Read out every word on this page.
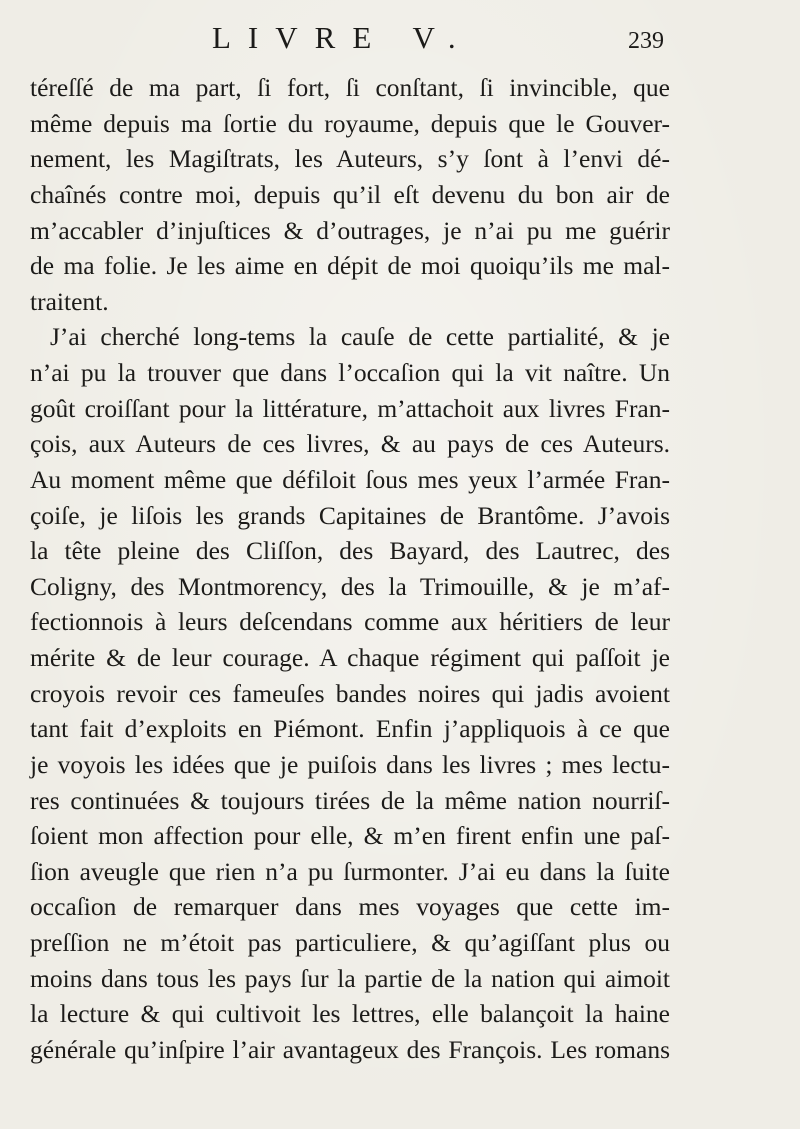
LIVRE V.	239
téreſſé de ma part, ſi fort, ſi conſtant, ſi invincible, que
même depuis ma ſortie du royaume, depuis que le Gouver-
nement, les Magiſtrats, les Auteurs, s’y ſont à l’envi dé-
chaînés contre moi, depuis qu’il eſt devenu du bon air de
m’accabler d’injuſtices & d’outrages, je n’ai pu me guérir
de ma folie. Je les aime en dépit de moi quoiqu’ils me mal-
traitent.
J’ai cherché long-tems la cauſe de cette partialité, & je
n’ai pu la trouver que dans l’occaſion qui la vit naître. Un
goût croiſſant pour la littérature, m’attachoit aux livres Fran-
çois, aux Auteurs de ces livres, & au pays de ces Auteurs.
Au moment même que défiloit ſous mes yeux l’armée Fran-
çoiſe, je liſois les grands Capitaines de Brantôme. J’avois
la tête pleine des Cliſſon, des Bayard, des Lautrec, des
Coligny, des Montmorency, des la Trimouille, & je m’af-
fectionnois à leurs deſcendans comme aux héritiers de leur
mérite & de leur courage. A chaque régiment qui paſſoit je
croyois revoir ces fameuſes bandes noires qui jadis avoient
tant fait d’exploits en Piémont. Enfin j’appliquois à ce que
je voyois les idées que je puiſois dans les livres ; mes lectu-
res continuées & toujours tirées de la même nation nourriſ-
ſoient mon affection pour elle, & m’en firent enfin une paſ-
ſion aveugle que rien n’a pu ſurmonter. J’ai eu dans la ſuite
occaſion de remarquer dans mes voyages que cette im-
preſſion ne m’étoit pas particuliere, & qu’agiſſant plus ou
moins dans tous les pays ſur la partie de la nation qui aimoit
la lecture & qui cultivoit les lettres, elle balançoit la haine
générale qu’inſpire l’air avantageux des François. Les romans
